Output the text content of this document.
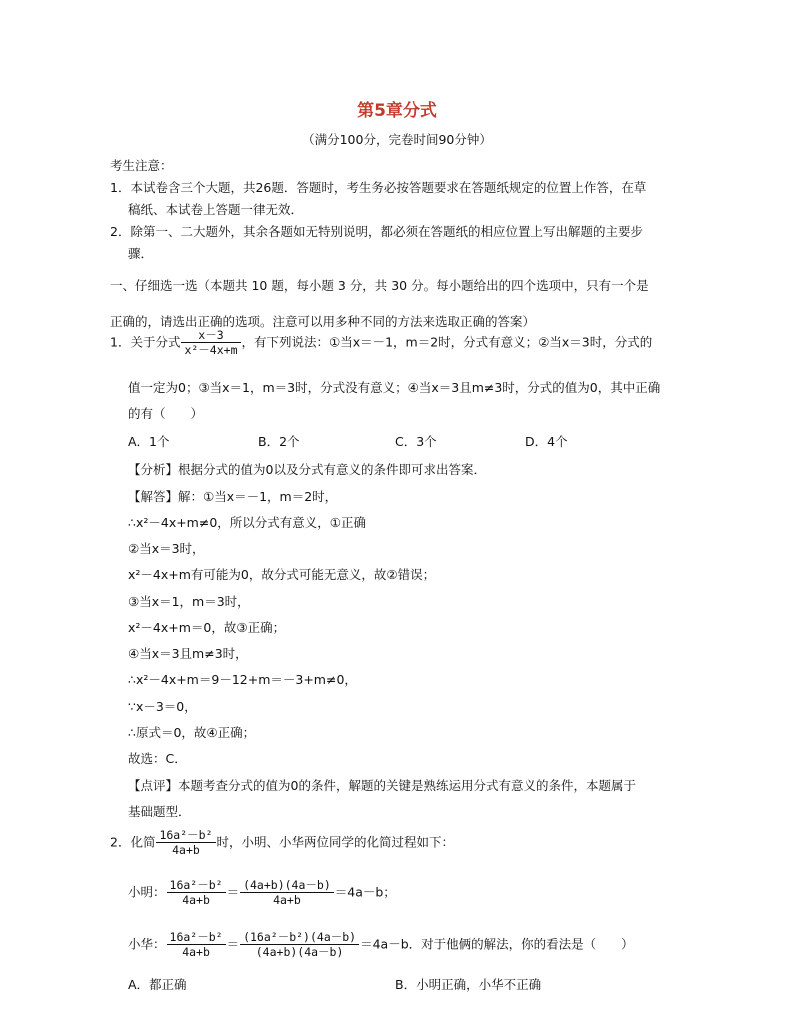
第5章分式
（满分100分，完卷时间90分钟）
考生注意：
1．本试卷含三个大题，共26题．答题时，考生务必按答题要求在答题纸规定的位置上作答，在草
稿纸、本试卷上答题一律无效．
2．除第一、二大题外，其余各题如无特别说明，都必须在答题纸的相应位置上写出解题的主要步
骤．
一、仔细选一选（本题共 10 题，每小题 3 分，共 30 分。每小题给出的四个选项中，只有一个是
正确的，请选出正确的选项。注意可以用多种不同的方法来选取正确的答案）
1．关于分式 $\frac{x-3}{\text{x²－4x+m}}$ ，有下列说法：①当x＝－1，m＝2时，分式有意义；②当x＝3时，分式的
值一定为0；③当x＝1，m＝3时，分式没有意义；④当x＝3且m≠3时，分式的值为0，其中正确
的有（　　）
A．1个	B．2个	C．3个	D．4个
【分析】根据分式的值为0以及分式有意义的条件即可求出答案．
【解答】解：①当x＝－1，m＝2时，
∴x²－4x+m≠0，所以分式有意义，①正确
②当x＝3时，
x²－4x+m有可能为0，故分式可能无意义，故②错误；
③当x＝1，m＝3时，
x²－4x+m＝0，故③正确；
④当x＝3且m≠3时，
∴x²－4x+m＝9－12+m＝－3+m≠0，
∵x－3＝0，
∴原式＝0，故④正确；
故选：C．
【点评】本题考查分式的值为0的条件，解题的关键是熟练运用分式有意义的条件，本题属于
基础题型．
2．化简 $\frac{\text{16a²－b²}}{4a+b}$ 时，小明、小华两位同学的化简过程如下：
小明： $\frac{\text{16a²－b²}}{4a+b} = \frac{(4a+b)(4a-b)}{4a+b} =4a-b$；
小华： $\frac{\text{16a²－b²}}{4a+b} = \frac{\text{(16a²－b²)(4a－b)}}{(4a+b)(4a-b)} =4a-b$．对于他俩的解法，你的看法是（　　）
A．都正确	B．小明正确，小华不正确
